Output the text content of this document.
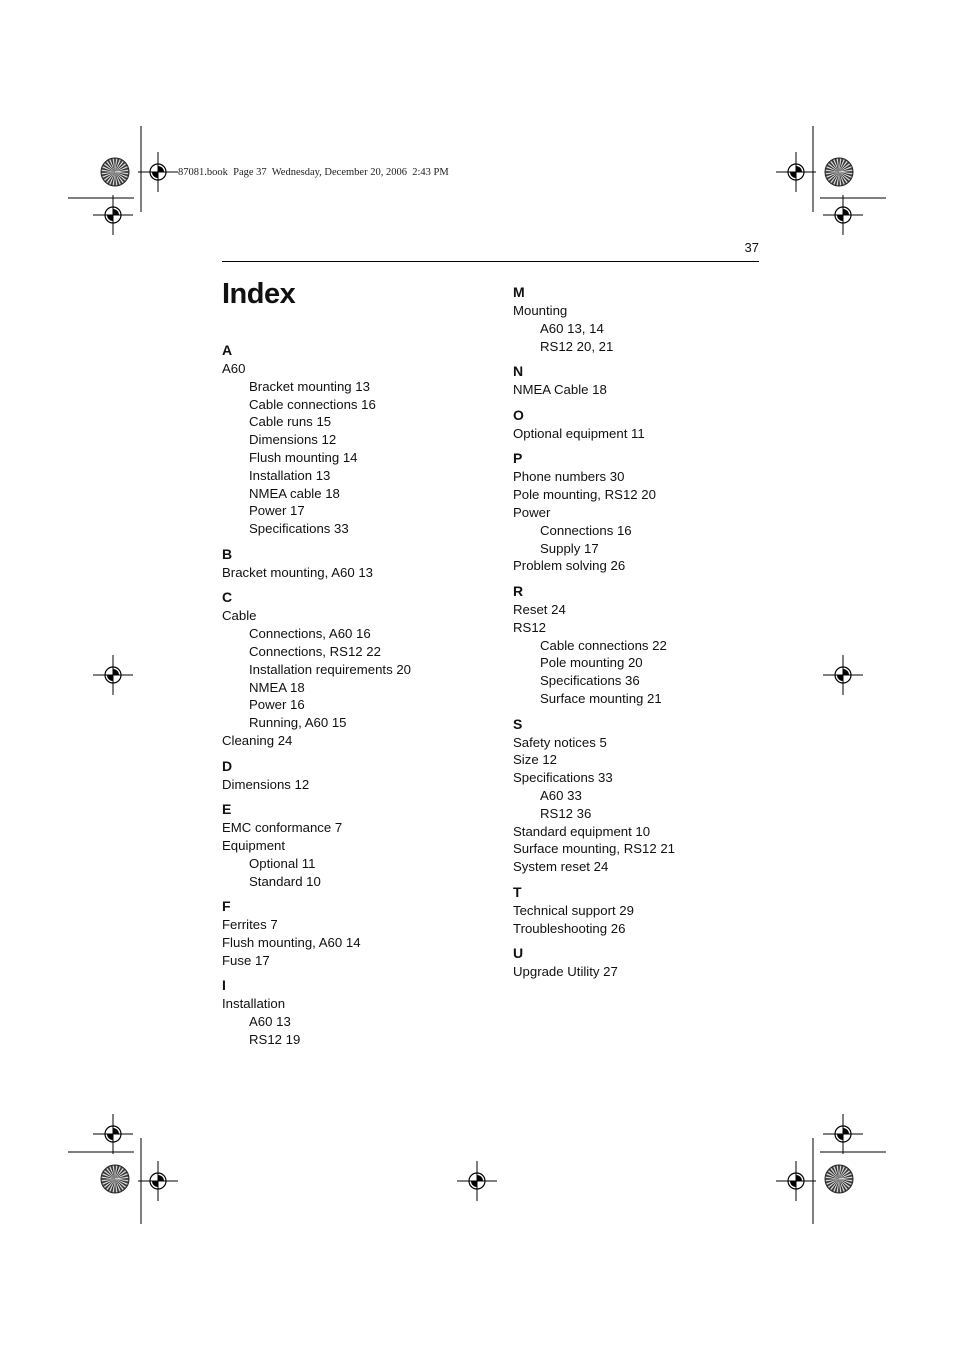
87081.book  Page 37  Wednesday, December 20, 2006  2:43 PM
37
Index
A
A60
Bracket mounting 13
Cable connections 16
Cable runs 15
Dimensions 12
Flush mounting 14
Installation 13
NMEA cable 18
Power 17
Specifications 33
B
Bracket mounting, A60 13
C
Cable
Connections, A60 16
Connections, RS12 22
Installation requirements 20
NMEA 18
Power 16
Running, A60 15
Cleaning 24
D
Dimensions 12
E
EMC conformance 7
Equipment
Optional 11
Standard 10
F
Ferrites 7
Flush mounting, A60 14
Fuse 17
I
Installation
A60 13
RS12 19
M
Mounting
A60 13, 14
RS12 20, 21
N
NMEA Cable 18
O
Optional equipment 11
P
Phone numbers 30
Pole mounting, RS12 20
Power
Connections 16
Supply 17
Problem solving 26
R
Reset 24
RS12
Cable connections 22
Pole mounting 20
Specifications 36
Surface mounting 21
S
Safety notices 5
Size 12
Specifications 33
A60 33
RS12 36
Standard equipment 10
Surface mounting, RS12 21
System reset 24
T
Technical support 29
Troubleshooting 26
U
Upgrade Utility 27
